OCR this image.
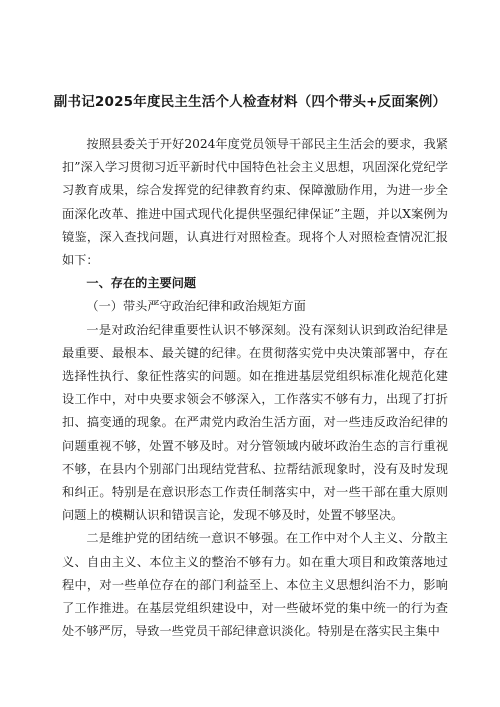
副书记2025年度民主生活个人检查材料（四个带头+反面案例）

按照县委关于开好2024年度党员领导干部民主生活会的要求，我紧扣”深入学习贯彻习近平新时代中国特色社会主义思想，巩固深化党纪学习教育成果，综合发挥党的纪律教育约束、保障激励作用，为进一步全面深化改革、推进中国式现代化提供坚强纪律保证”主题，并以X案例为镜鉴，深入查找问题，认真进行对照检查。现将个人对照检查情况汇报如下：

一、存在的主要问题
（一）带头严守政治纪律和政治规矩方面

一是对政治纪律重要性认识不够深刻。没有深刻认识到政治纪律是最重要、最根本、最关键的纪律。在贯彻落实党中央决策部署中，存在选择性执行、象征性落实的问题。如在推进基层党组织标准化规范化建设工作中，对中央要求领会不够深入，工作落实不够有力，出现了打折扣、搞变通的现象。在严肃党内政治生活方面，对一些违反政治纪律的问题重视不够，处置不够及时。对分管领域内破坏政治生态的言行重视不够，在县内个别部门出现结党营私、拉帮结派现象时，没有及时发现和纠正。特别是在意识形态工作责任制落实中，对一些干部在重大原则问题上的模糊认识和错误言论，发现不够及时，处置不够坚决。

二是维护党的团结统一意识不够强。在工作中对个人主义、分散主义、自由主义、本位主义的整治不够有力。如在重大项目和政策落地过程中，对一些单位存在的部门利益至上、本位主义思想纠治不力，影响了工作推进。在基层党组织建设中，对一些破坏党的集中统一的行为查处不够严厉，导致一些党员干部纪律意识淡化。特别是在落实民主集中
